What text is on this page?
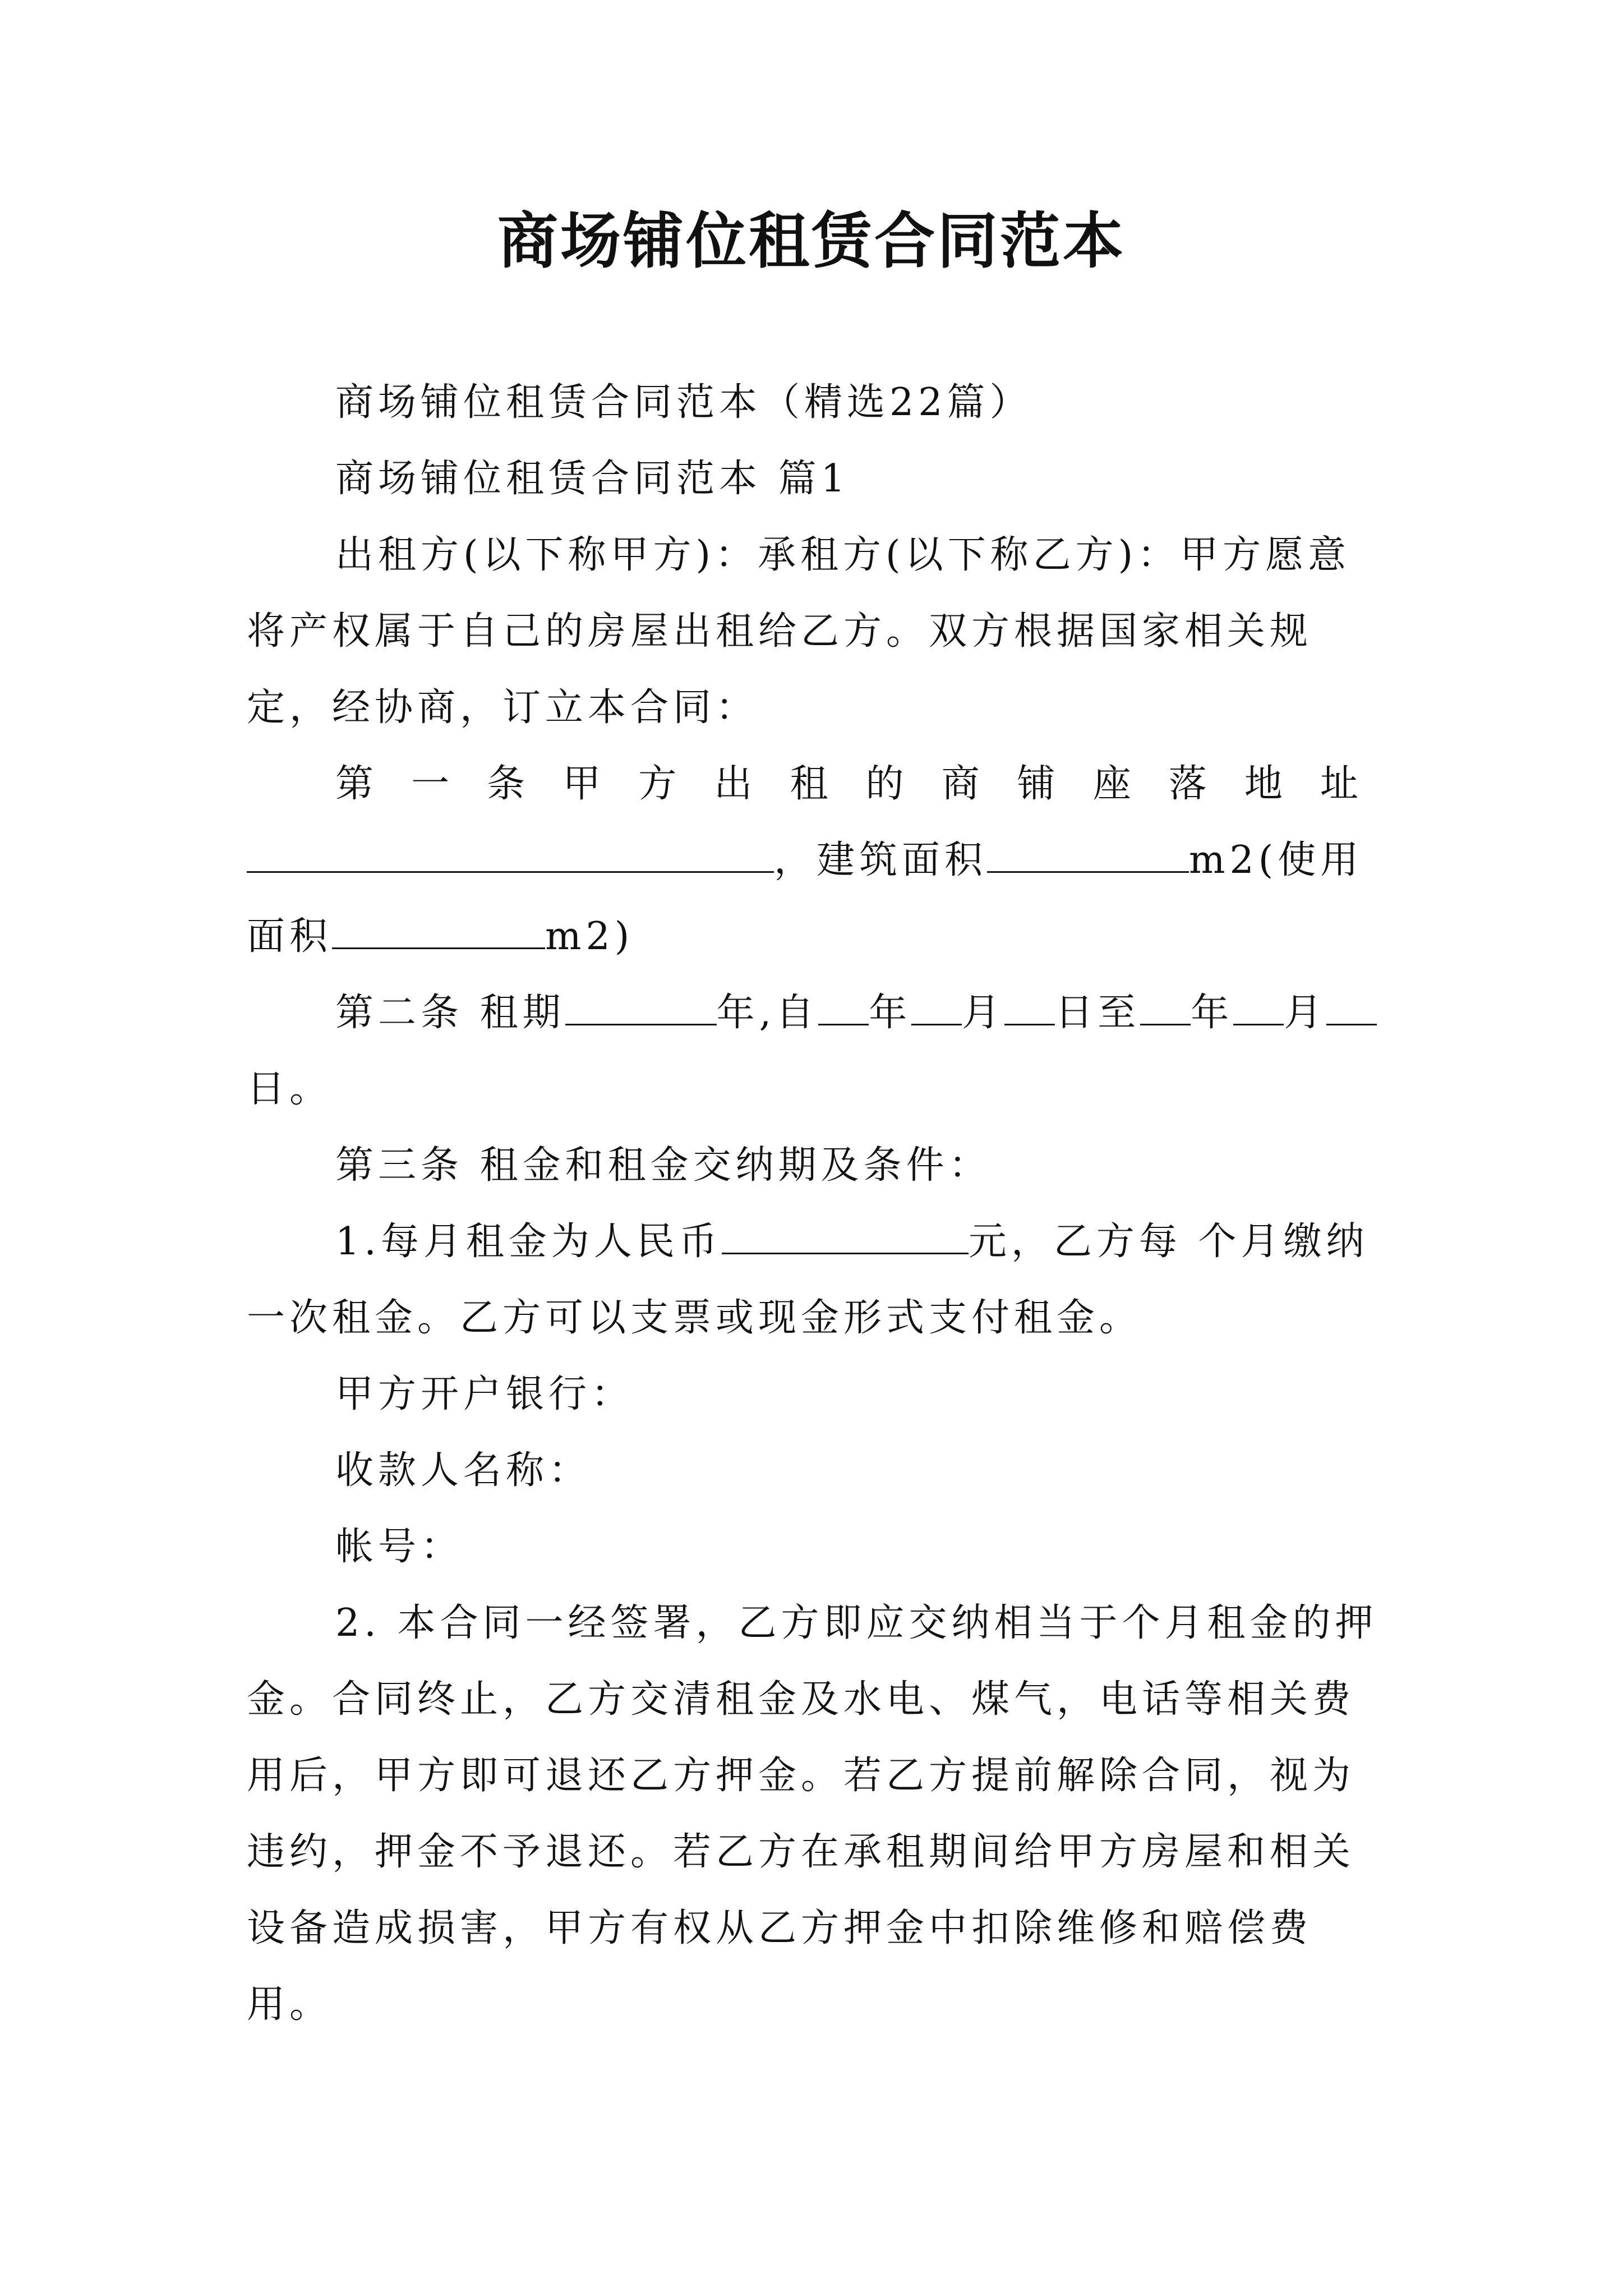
商场铺位租赁合同范本

商场铺位租赁合同范本（精选22篇）

商场铺位租赁合同范本 篇1

出租方(以下称甲方)：承租方(以下称乙方)：甲方愿意将产权属于自己的房屋出租给乙方。双方根据国家相关规定，经协商，订立本合同：

第一条甲方出租的商铺座落地址

，建筑面积	m2(使用

面积	m2)

第二条 租期	年,自 年 月 日至 年 月日。

第三条 租金和租金交纳期及条件：

1.每月租金为人民币	元，乙方每 个月缴纳一次租金。乙方可以支票或现金形式支付租金。

甲方开户银行：

收款人名称：

帐号：

2. 本合同一经签署，乙方即应交纳相当于个月租金的押金。合同终止，乙方交清租金及水电、煤气，电话等相关费用后，甲方即可退还乙方押金。若乙方提前解除合同，视为违约，押金不予退还。若乙方在承租期间给甲方房屋和相关设备造成损害，甲方有权从乙方押金中扣除维修和赔偿费用。
